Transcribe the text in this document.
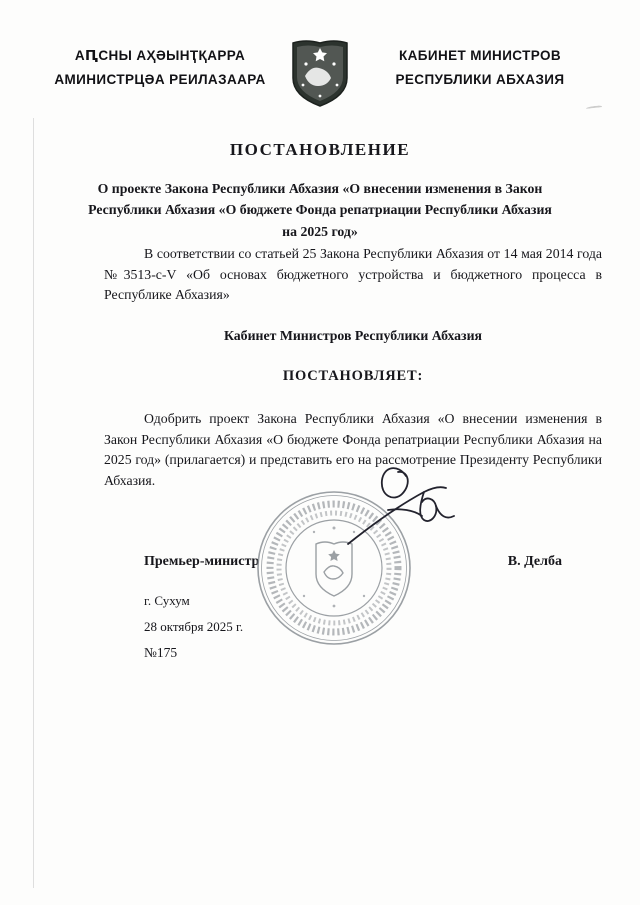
АԤСНЫ АҲӘЫНҬҚАРРА
АМИНИСТРЦӘА РЕИЛАЗААРА
КАБИНЕТ МИНИСТРОВ
РЕСПУБЛИКИ АБХАЗИЯ
ПОСТАНОВЛЕНИЕ
О проекте Закона Республики Абхазия «О внесении изменения в Закон Республики Абхазия «О бюджете Фонда репатриации Республики Абхазия на 2025 год»

В соответствии со статьей 25 Закона Республики Абхазия от 14 мая 2014 года №3513-с-V «Об основах бюджетного устройства и бюджетного процесса в Республике Абхазия»

Кабинет Министров Республики Абхазия
ПОСТАНОВЛЯЕТ:

Одобрить проект Закона Республики Абхазия «О внесении изменения в Закон Республики Абхазия «О бюджете Фонда репатриации Республики Абхазия на 2025 год» (прилагается) и представить его на рассмотрение Президенту Республики Абхазия.

Премьер-министр	В. Делба
г. Сухум
28 октября 2025 г.
№175
